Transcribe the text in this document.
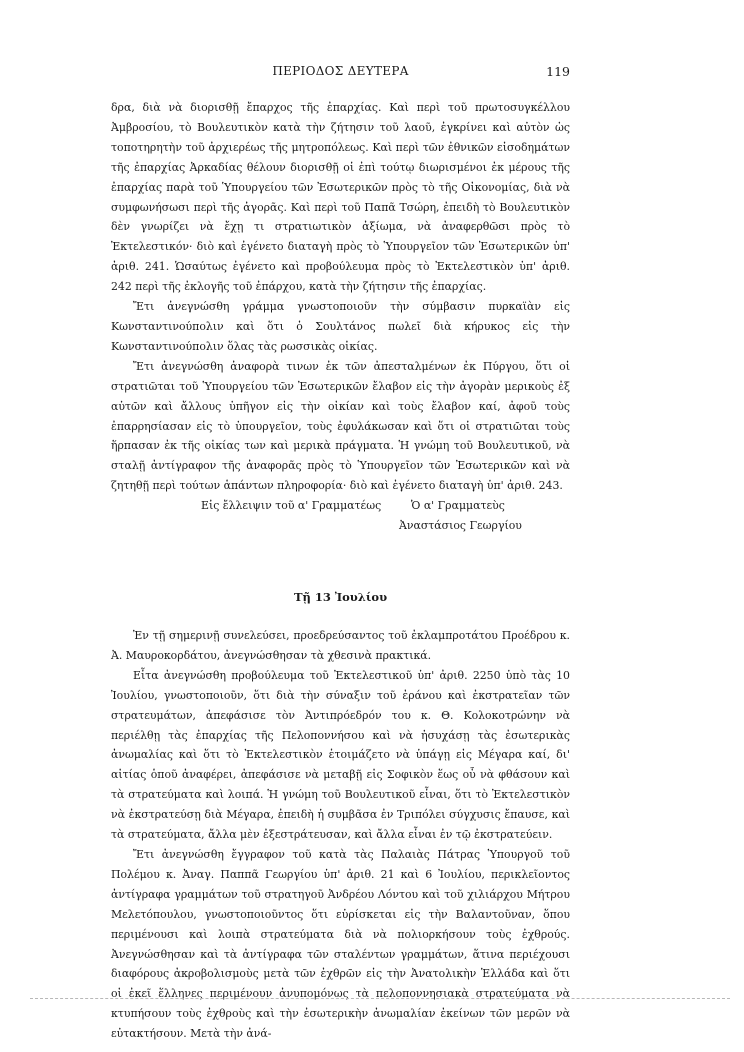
ΠΕΡΙΟΔΟΣ ΔΕΥΤΕΡΑ	119

δρα, διὰ νὰ διορισθῇ ἔπαρχος τῆς ἐπαρχίας. Καὶ περὶ τοῦ πρωτοσυγκέλλου Ἀμβροσίου, τὸ Βουλευτικὸν κατὰ τὴν ζήτησιν τοῦ λαοῦ, ἐγκρίνει καὶ αὐτὸν ὡς τοποτηρητὴν τοῦ ἀρχιερέως τῆς μητροπόλεως. Καὶ περὶ τῶν ἐθνικῶν εἰσοδημάτων τῆς ἐπαρχίας Ἀρκαδίας θέλουν διορισθῇ οἱ ἐπὶ τούτῳ διωρισμένοι ἐκ μέρους τῆς ἐπαρχίας παρὰ τοῦ Ὑπουργείου τῶν Ἐσωτερικῶν πρὸς τὸ τῆς Οἰκονομίας, διὰ νὰ συμφωνήσωσι περὶ τῆς ἀγορᾶς. Καὶ περὶ τοῦ Παπᾶ Τσώρη, ἐπειδὴ τὸ Βουλευτικὸν δὲν γνωρίζει νὰ ἔχῃ τι στρατιωτικὸν ἀξίωμα, νὰ ἀναφερθῶσι πρὸς τὸ Ἐκτελεστικόν· διὸ καὶ ἐγένετο διαταγὴ πρὸς τὸ Ὑπουργεῖον τῶν Ἐσωτερικῶν ὑπ' ἀριθ. 241. Ὡσαύτως ἐγένετο καὶ προβούλευμα πρὸς τὸ Ἐκτελεστικὸν ὑπ' ἀριθ. 242 περὶ τῆς ἐκλογῆς τοῦ ἐπάρχου, κατὰ τὴν ζήτησιν τῆς ἐπαρχίας.

Ἔτι ἀνεγνώσθη γράμμα γνωστοποιοῦν τὴν σύμβασιν πυρκαϊὰν εἰς Κωνσταντινούπολιν καὶ ὅτι ὁ Σουλτάνος πωλεῖ διὰ κήρυκος εἰς τὴν Κωνσταντινούπολιν ὅλας τὰς ρωσσικὰς οἰκίας.

Ἔτι ἀνεγνώσθη ἀναφορὰ τινων ἐκ τῶν ἀπεσταλμένων ἐκ Πύργου, ὅτι οἱ στρατιῶται τοῦ Ὑπουργείου τῶν Ἐσωτερικῶν ἔλαβον εἰς τὴν ἀγορὰν μερικοὺς ἐξ αὐτῶν καὶ ἄλλους ὑπῆγον εἰς τὴν οἰκίαν καὶ τοὺς ἔλαβον καί, ἀφοῦ τοὺς ἐπαρρησίασαν εἰς τὸ ὑπουργεῖον, τοὺς ἐφυλάκωσαν καὶ ὅτι οἱ στρατιῶται τοὺς ἥρπασαν ἐκ τῆς οἰκίας των καὶ μερικὰ πράγματα. Ἡ γνώμη τοῦ Βουλευτικοῦ, νὰ σταλῇ ἀντίγραφον τῆς ἀναφορᾶς πρὸς τὸ Ὑπουργεῖον τῶν Ἐσωτερικῶν καὶ νὰ ζητηθῇ περὶ τούτων ἁπάντων πληροφορία· διὸ καὶ ἐγένετο διαταγὴ ὑπ' ἀριθ. 243.

Εἰς ἔλλειψιν τοῦ α' Γραμματέως	Ὁ α' Γραμματεὺς
Ἀναστάσιος Γεωργίου
Τῇ 13 Ἰουλίου

Ἐν τῇ σημερινῇ συνελεύσει, προεδρεύσαντος τοῦ ἐκλαμπροτάτου Προέδρου κ. Ἀ. Μαυροκορδάτου, ἀνεγνώσθησαν τὰ χθεσινὰ πρακτικά.

Εἶτα ἀνεγνώσθη προβούλευμα τοῦ Ἐκτελεστικοῦ ὑπ' ἀριθ. 2250 ὑπὸ τὰς 10 Ἰουλίου, γνωστοποιοῦν, ὅτι διὰ τὴν σύναξιν τοῦ ἐράνου καὶ ἐκστρατεῖαν τῶν στρατευμάτων, ἀπεφάσισε τὸν Ἀντιπρόεδρόν του κ. Θ. Κολοκοτρώνην νὰ περιέλθῃ τὰς ἐπαρχίας τῆς Πελοποννήσου καὶ νὰ ἡσυχάσῃ τὰς ἐσωτερικὰς ἀνωμαλίας καὶ ὅτι τὸ Ἐκτελεστικὸν ἑτοιμάζετο νὰ ὑπάγῃ εἰς Μέγαρα καί, δι' αἰτίας ὁποῦ ἀναφέρει, ἀπεφάσισε νὰ μεταβῇ εἰς Σοφικὸν ἕως οὗ νὰ φθάσουν καὶ τὰ στρατεύματα καὶ λοιπά. Ἡ γνώμη τοῦ Βουλευτικοῦ εἶναι, ὅτι τὸ Ἐκτελεστικὸν νὰ ἐκστρατεύσῃ διὰ Μέγαρα, ἐπειδὴ ἡ συμβᾶσα ἐν Τριπόλει σύγχυσις ἔπαυσε, καὶ τὰ στρατεύματα, ἄλλα μὲν ἐξεστράτευσαν, καὶ ἄλλα εἶναι ἐν τῷ ἐκστρατεύειν.

Ἔτι ἀνεγνώσθη ἔγγραφον τοῦ κατὰ τὰς Παλαιὰς Πάτρας Ὑπουργοῦ τοῦ Πολέμου κ. Ἀναγ. Παππᾶ Γεωργίου ὑπ' ἀριθ. 21 καὶ 6 Ἰουλίου, περικλεῖοντος ἀντίγραφα γραμμάτων τοῦ στρατηγοῦ Ἀνδρέου Λόντου καὶ τοῦ χιλιάρχου Μήτρου Μελετόπουλου, γνωστοποιοῦντος ὅτι εὑρίσκεται εἰς τὴν Βαλαντοῦναν, ὅπου περιμένουσι καὶ λοιπὰ στρατεύματα διὰ νὰ πολιορκήσουν τοὺς ἐχθρούς. Ἀνεγνώσθησαν καὶ τὰ ἀντίγραφα τῶν σταλέντων γραμμάτων, ἅτινα περιέχουσι διαφόρους ἀκροβολισμοὺς μετὰ τῶν ἐχθρῶν εἰς τὴν Ἀνατολικὴν Ἑλλάδα καὶ ὅτι οἱ ἐκεῖ ἕλληνες περιμένουν ἀνυπομόνως τὰ πελοποννησιακὰ στρατεύματα νὰ κτυπήσουν τοὺς ἐχθροὺς καὶ τὴν ἐσωτερικὴν ἀνωμαλίαν ἐκείνων τῶν μερῶν νὰ εὐτακτήσουν. Μετὰ τὴν ἀνά-
